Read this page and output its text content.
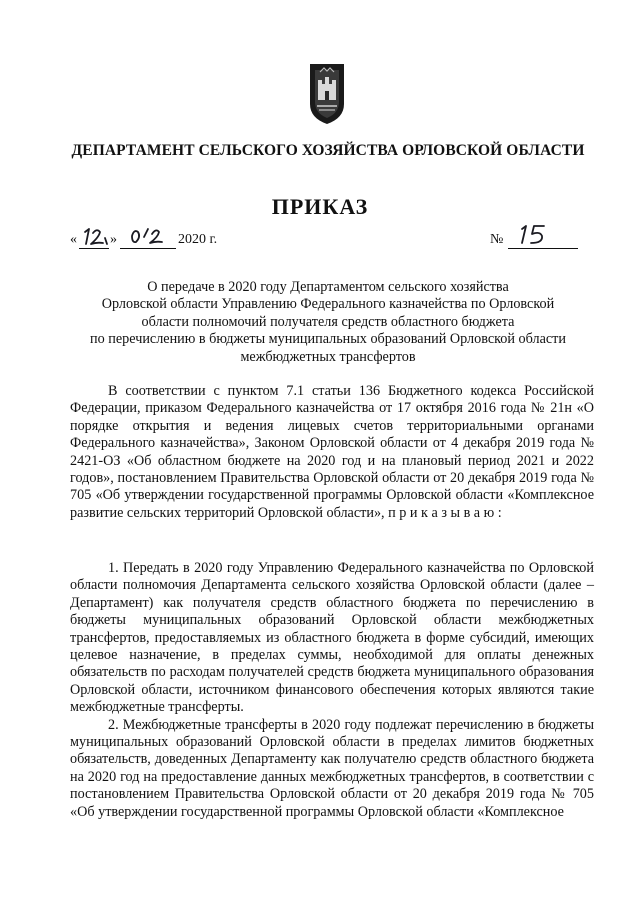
ДЕПАРТАМЕНТ СЕЛЬСКОГО ХОЗЯЙСТВА ОРЛОВСКОЙ ОБЛАСТИ
ПРИКАЗ
« »	2020 г.	№
О передаче в 2020 году Департаментом сельского хозяйства
Орловской области Управлению Федерального казначейства по Орловской
области полномочий получателя средств областного бюджета
по перечислению в бюджеты муниципальных образований Орловской области
межбюджетных трансфертов

В соответствии с пунктом 7.1 статьи 136 Бюджетного кодекса Российской Федерации, приказом Федерального казначейства от 17 октября 2016 года № 21н «О порядке открытия и ведения лицевых счетов территориальными органами Федерального казначейства», Законом Орловской области от 4 декабря 2019 года № 2421-ОЗ «Об областном бюджете на 2020 год и на плановый период 2021 и 2022 годов», постановлением Правительства Орловской области от 20 декабря 2019 года № 705 «Об утверждении государственной программы Орловской области «Комплексное развитие сельских территорий Орловской области», п р и к а з ы в а ю :

1. Передать в 2020 году Управлению Федерального казначейства по Орловской области полномочия Департамента сельского хозяйства Орловской области (далее – Департамент) как получателя средств областного бюджета по перечислению в бюджеты муниципальных образований Орловской области межбюджетных трансфертов, предоставляемых из областного бюджета в форме субсидий, имеющих целевое назначение, в пределах суммы, необходимой для оплаты денежных обязательств по расходам получателей средств бюджета муниципального образования Орловской области, источником финансового обеспечения которых являются такие межбюджетные трансферты.

2. Межбюджетные трансферты в 2020 году подлежат перечислению в бюджеты муниципальных образований Орловской области в пределах лимитов бюджетных обязательств, доведенных Департаменту как получателю средств областного бюджета на 2020 год на предоставление данных межбюджетных трансфертов, в соответствии с постановлением Правительства Орловской области от 20 декабря 2019 года № 705 «Об утверждении государственной программы Орловской области «Комплексное
